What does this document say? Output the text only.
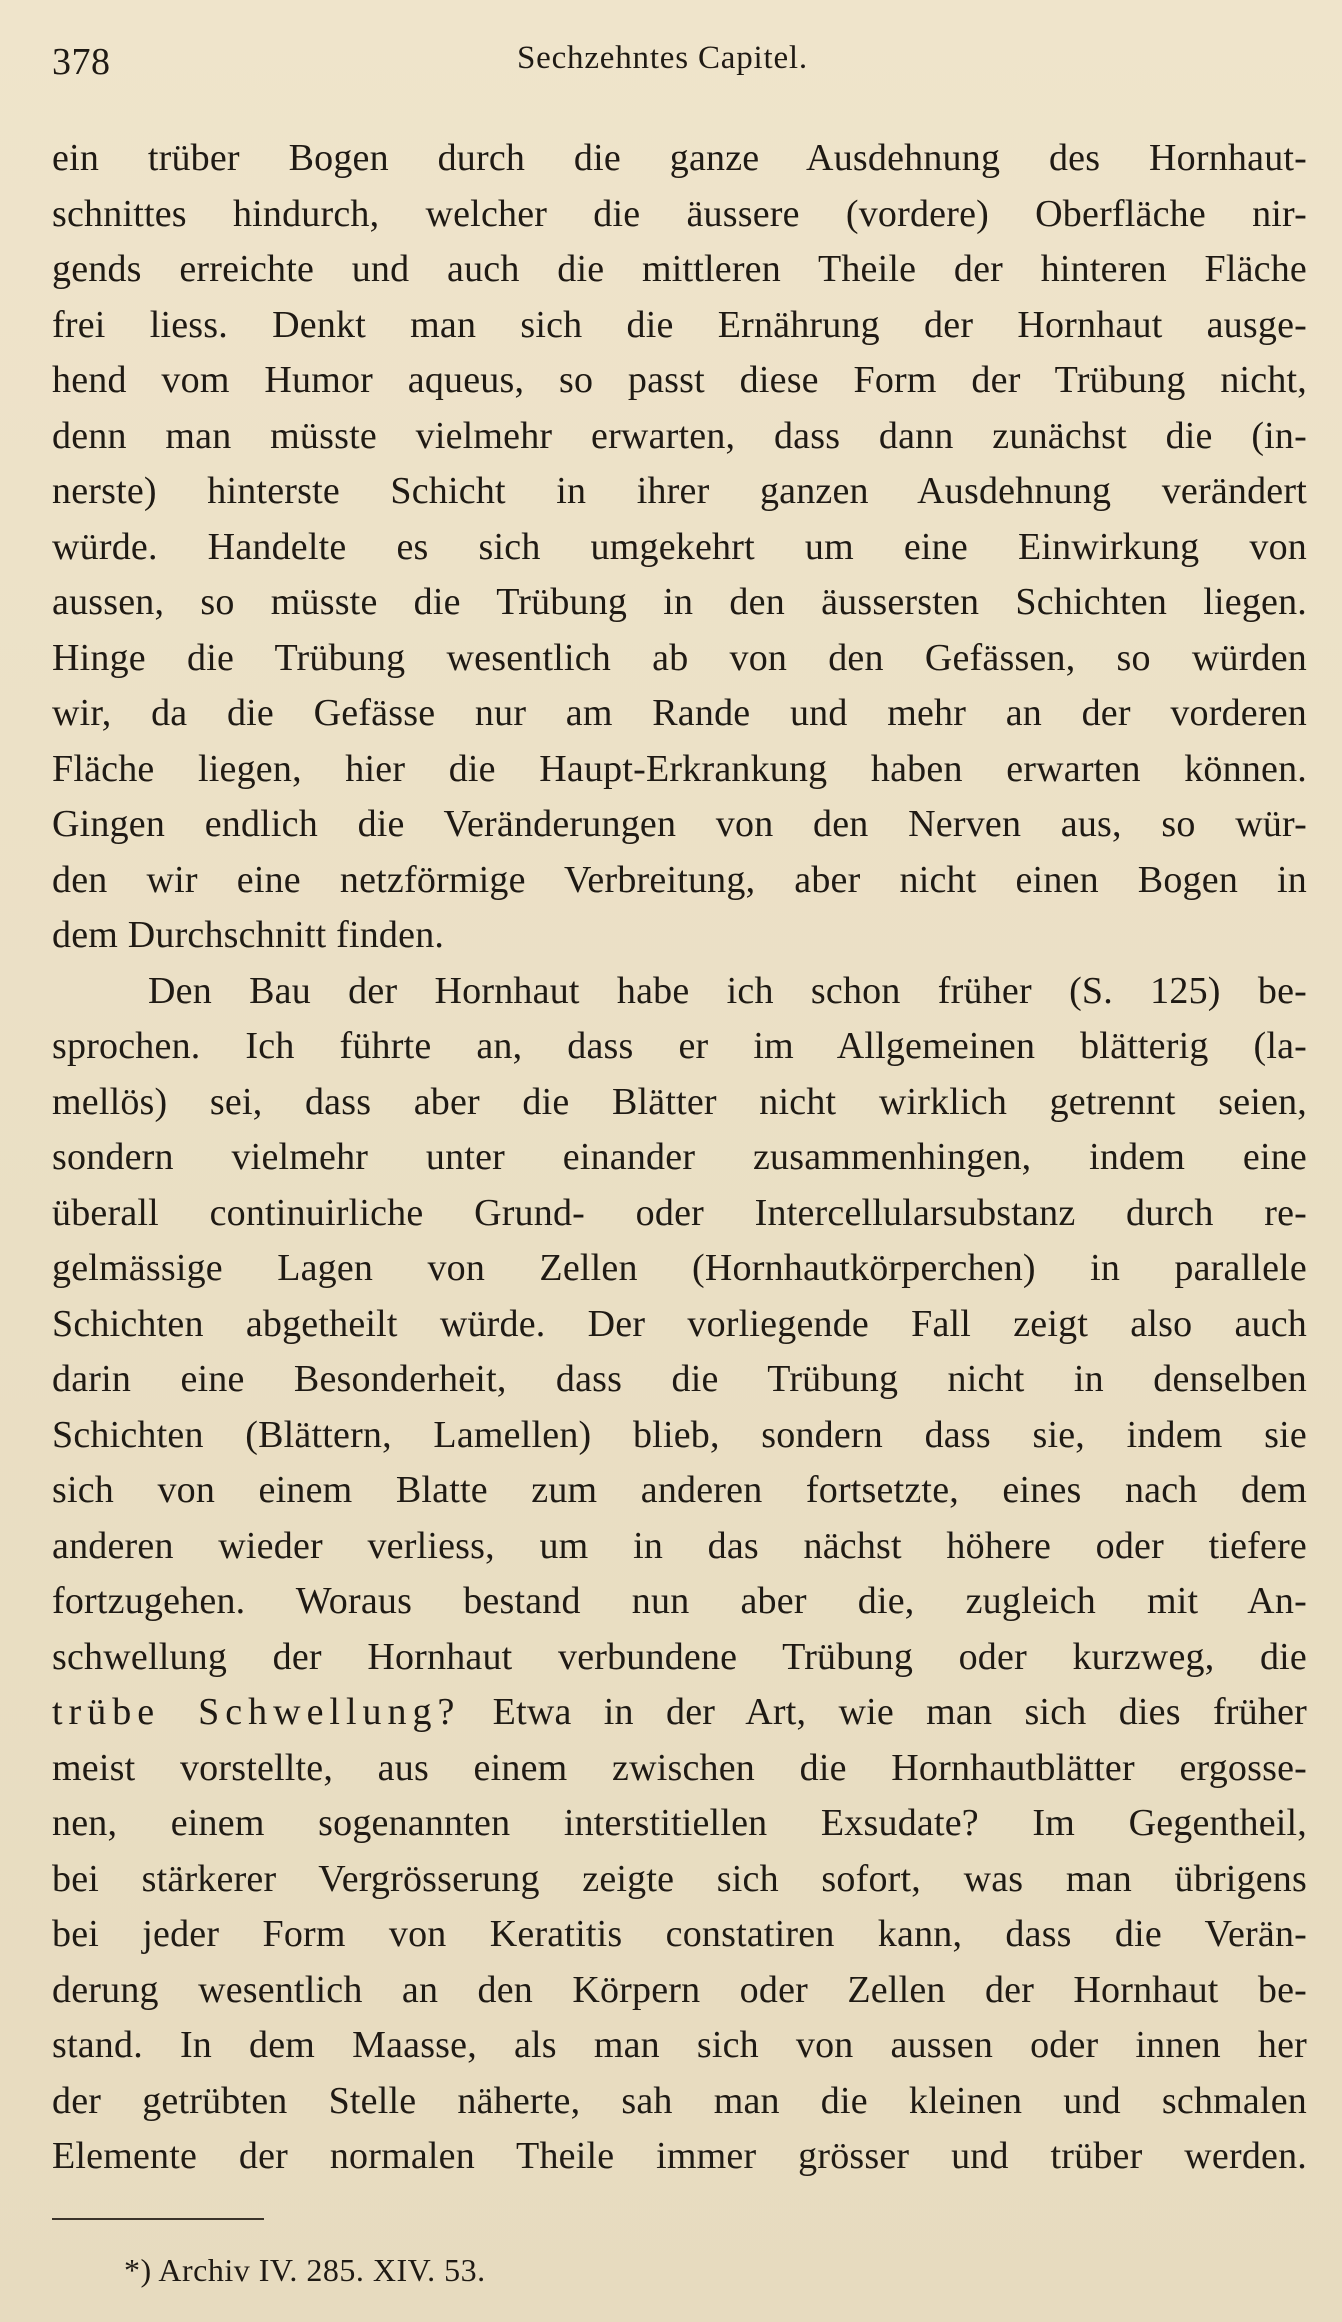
378	Sechzehntes Capitel.
ein trüber Bogen durch die ganze Ausdehnung des Hornhaut-
schnittes hindurch, welcher die äussere (vordere) Oberfläche nir-
gends erreichte und auch die mittleren Theile der hinteren Fläche
frei liess. Denkt man sich die Ernährung der Hornhaut ausge-
hend vom Humor aqueus, so passt diese Form der Trübung nicht,
denn man müsste vielmehr erwarten, dass dann zunächst die (in-
nerste) hinterste Schicht in ihrer ganzen Ausdehnung verändert
würde. Handelte es sich umgekehrt um eine Einwirkung von
aussen, so müsste die Trübung in den äussersten Schichten liegen.
Hinge die Trübung wesentlich ab von den Gefässen, so würden
wir, da die Gefässe nur am Rande und mehr an der vorderen
Fläche liegen, hier die Haupt-Erkrankung haben erwarten können.
Gingen endlich die Veränderungen von den Nerven aus, so wür-
den wir eine netzförmige Verbreitung, aber nicht einen Bogen in
dem Durchschnitt finden.
Den Bau der Hornhaut habe ich schon früher (S. 125) be-
sprochen. Ich führte an, dass er im Allgemeinen blätterig (la-
mellös) sei, dass aber die Blätter nicht wirklich getrennt seien,
sondern vielmehr unter einander zusammenhingen, indem eine
überall continuirliche Grund- oder Intercellularsubstanz durch re-
gelmässige Lagen von Zellen (Hornhautkörperchen) in parallele
Schichten abgetheilt würde. Der vorliegende Fall zeigt also auch
darin eine Besonderheit, dass die Trübung nicht in denselben
Schichten (Blättern, Lamellen) blieb, sondern dass sie, indem sie
sich von einem Blatte zum anderen fortsetzte, eines nach dem
anderen wieder verliess, um in das nächst höhere oder tiefere
fortzugehen. Woraus bestand nun aber die, zugleich mit An-
schwellung der Hornhaut verbundene Trübung oder kurzweg, die
trübe Schwellung? Etwa in der Art, wie man sich dies früher
meist vorstellte, aus einem zwischen die Hornhautblätter ergosse-
nen, einem sogenannten interstitiellen Exsudate? Im Gegentheil,
bei stärkerer Vergrösserung zeigte sich sofort, was man übrigens
bei jeder Form von Keratitis constatiren kann, dass die Verän-
derung wesentlich an den Körpern oder Zellen der Hornhaut be-
stand. In dem Maasse, als man sich von aussen oder innen her
der getrübten Stelle näherte, sah man die kleinen und schmalen
Elemente der normalen Theile immer grösser und trüber werden.
*) Archiv IV. 285. XIV. 53.
